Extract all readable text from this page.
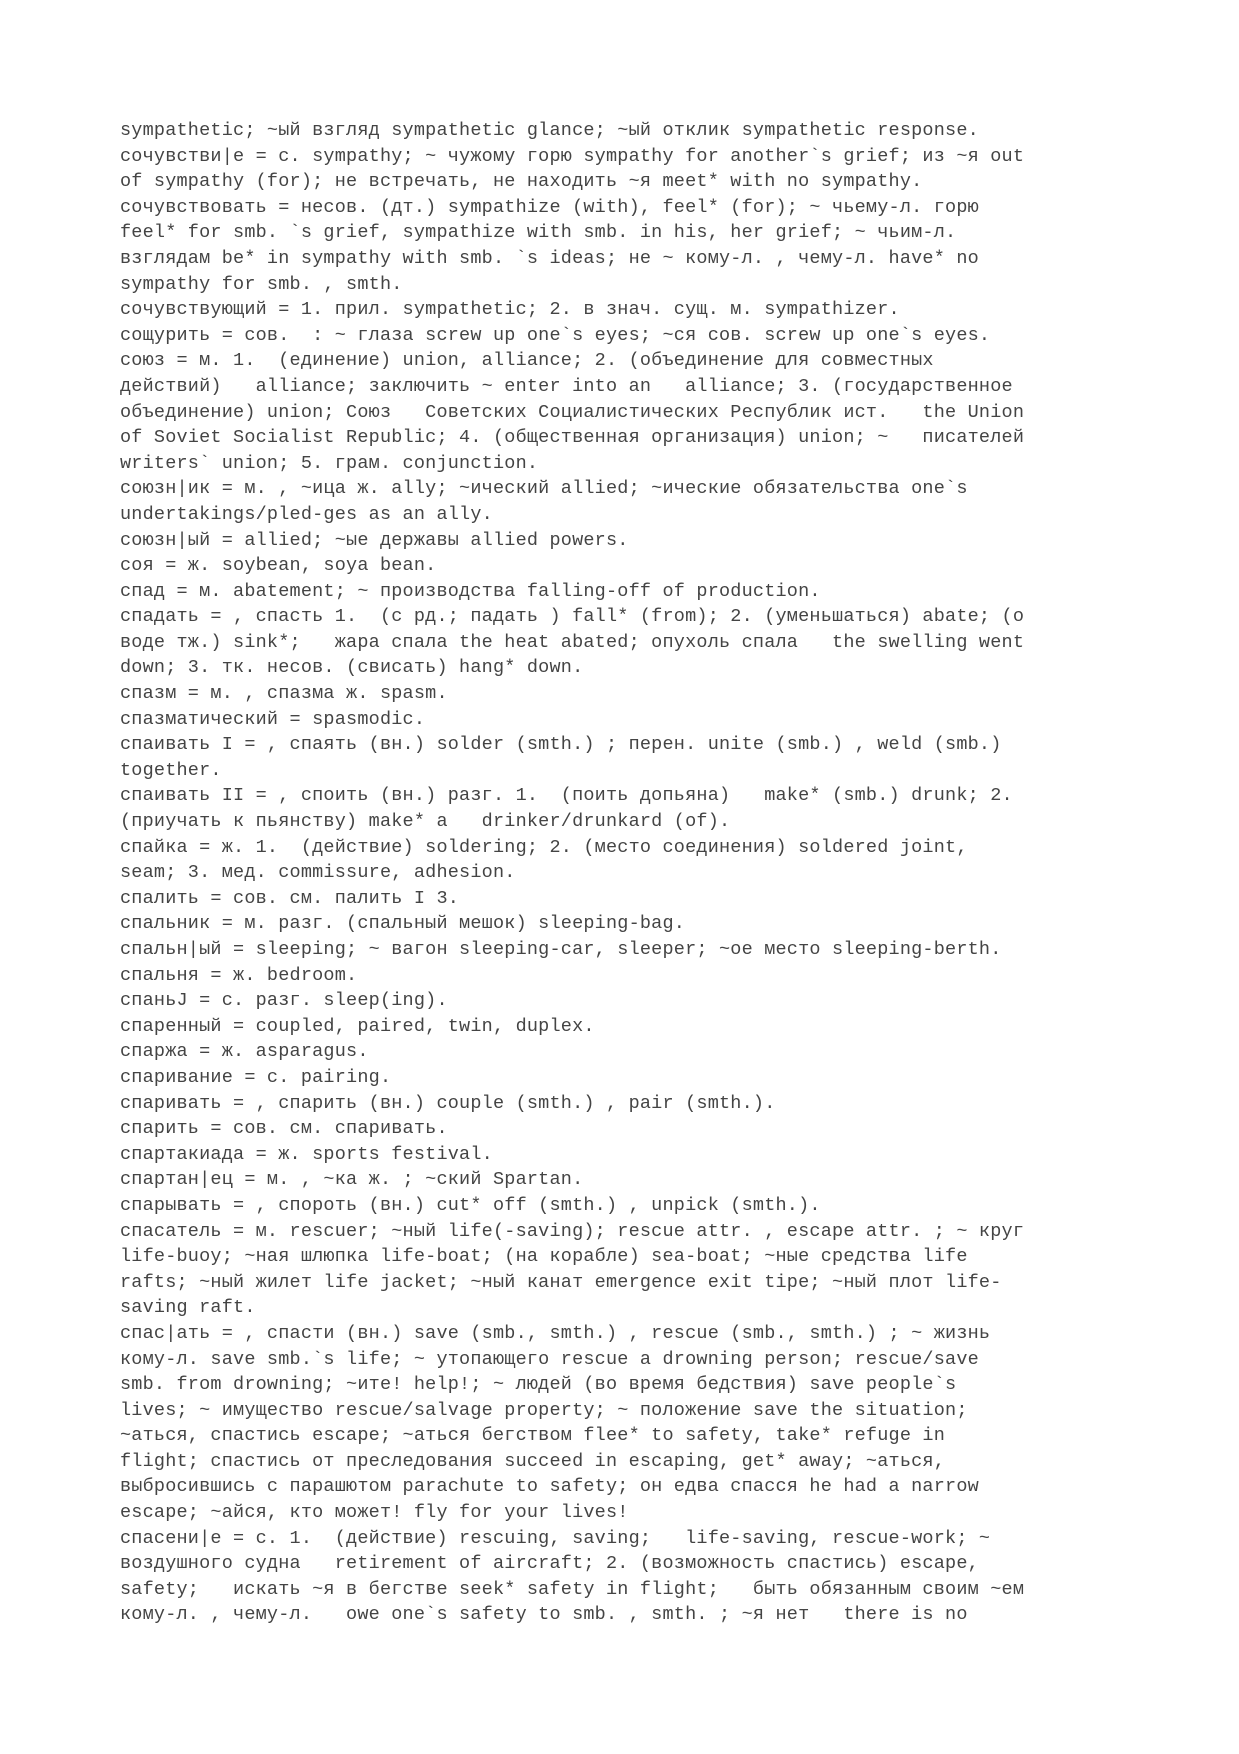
sympathetic; ~ый взгляд sympathetic glance; ~ый отклик sympathetic response.
сочувстви|е = с. sympathy; ~ чужому горю sympathy for another`s grief; из ~я out
of sympathy (for); не встречать, не находить ~я meet* with no sympathy.
сочувствовать = несов. (дт.) sympathize (with), feel* (for); ~ чьему-л. горю
feel* for smb. `s grief, sympathize with smb. in his, her grief; ~ чьим-л.
взглядам be* in sympathy with smb. `s ideas; не ~ кому-л. , чему-л. have* no
sympathy for smb. , smth.
сочувствующий = 1. прил. sympathetic; 2. в знач. сущ. м. sympathizer.
сощурить = сов.  : ~ глаза screw up one`s eyes; ~ся сов. screw up one`s eyes.
союз = м. 1.  (единение) union, alliance; 2. (объединение для совместных
действий)   alliance; заключить ~ enter into an   alliance; 3. (государственное
объединение) union; Союз   Советских Социалистических Республик ист.   the Union
of Soviet Socialist Republic; 4. (общественная организация) union; ~   писателей
writers` union; 5. грам. conjunction.
союзн|ик = м. , ~ица ж. ally; ~ический allied; ~ические обязательства one`s
undertakings/pled-ges as an ally.
союзн|ый = allied; ~ые державы allied powers.
соя = ж. soybean, soya bean.
спад = м. abatement; ~ производства falling-off of production.
спадать = , спасть 1.  (с рд.; падать ) fall* (from); 2. (уменьшаться) abate; (о
воде тж.) sink*;   жара спала the heat abated; опухоль спала   the swelling went
down; 3. тк. несов. (свисать) hang* down.
спазм = м. , спазма ж. spasm.
спазматический = spasmodic.
спаивать I = , спаять (вн.) solder (smth.) ; перен. unite (smb.) , weld (smb.)
together.
спаивать II = , споить (вн.) разг. 1.  (поить допьяна)   make* (smb.) drunk; 2.
(приучать к пьянству) make* a   drinker/drunkard (of).
спайка = ж. 1.  (действие) soldering; 2. (место соединения) soldered joint,
seam; 3. мед. commissure, adhesion.
спалить = сов. см. палить I 3.
спальник = м. разг. (спальный мешок) sleeping-bag.
спальн|ый = sleeping; ~ вагон sleeping-car, sleeper; ~ое место sleeping-berth.
спальня = ж. bedroom.
спаньJ = с. разг. sleep(ing).
спаренный = coupled, paired, twin, duplex.
спаржа = ж. asparagus.
спаривание = с. pairing.
спаривать = , спарить (вн.) couple (smth.) , pair (smth.).
спарить = сов. см. спаривать.
спартакиада = ж. sports festival.
спартан|ец = м. , ~ка ж. ; ~ский Spartan.
спарывать = , спороть (вн.) cut* off (smth.) , unpick (smth.).
спасатель = м. rescuer; ~ный life(-saving); rescue attr. , escape attr. ; ~ круг
life-buoy; ~ная шлюпка life-boat; (на корабле) sea-boat; ~ные средства life
rafts; ~ный жилет life jacket; ~ный канат emergence exit tipe; ~ный плот life-
saving raft.
спас|ать = , спасти (вн.) save (smb., smth.) , rescue (smb., smth.) ; ~ жизнь
кому-л. save smb.`s life; ~ утопающего rescue a drowning person; rescue/save
smb. from drowning; ~ите! help!; ~ людей (во время бедствия) save people`s
lives; ~ имущество rescue/salvage property; ~ положение save the situation;
~аться, спастись escape; ~аться бегством flee* to safety, take* refuge in
flight; спастись от преследования succeed in escaping, get* away; ~аться,
выбросившись с парашютом parachute to safety; он едва спасся he had a narrow
escape; ~айся, кто может! fly for your lives!
спасени|е = с. 1.  (действие) rescuing, saving;   life-saving, rescue-work; ~
воздушного судна   retirement of aircraft; 2. (возможность спастись) escape,
safety;   искать ~я в бегстве seek* safety in flight;   быть обязанным своим ~ем
кому-л. , чему-л.   owe one`s safety to smb. , smth. ; ~я нет   there is no
